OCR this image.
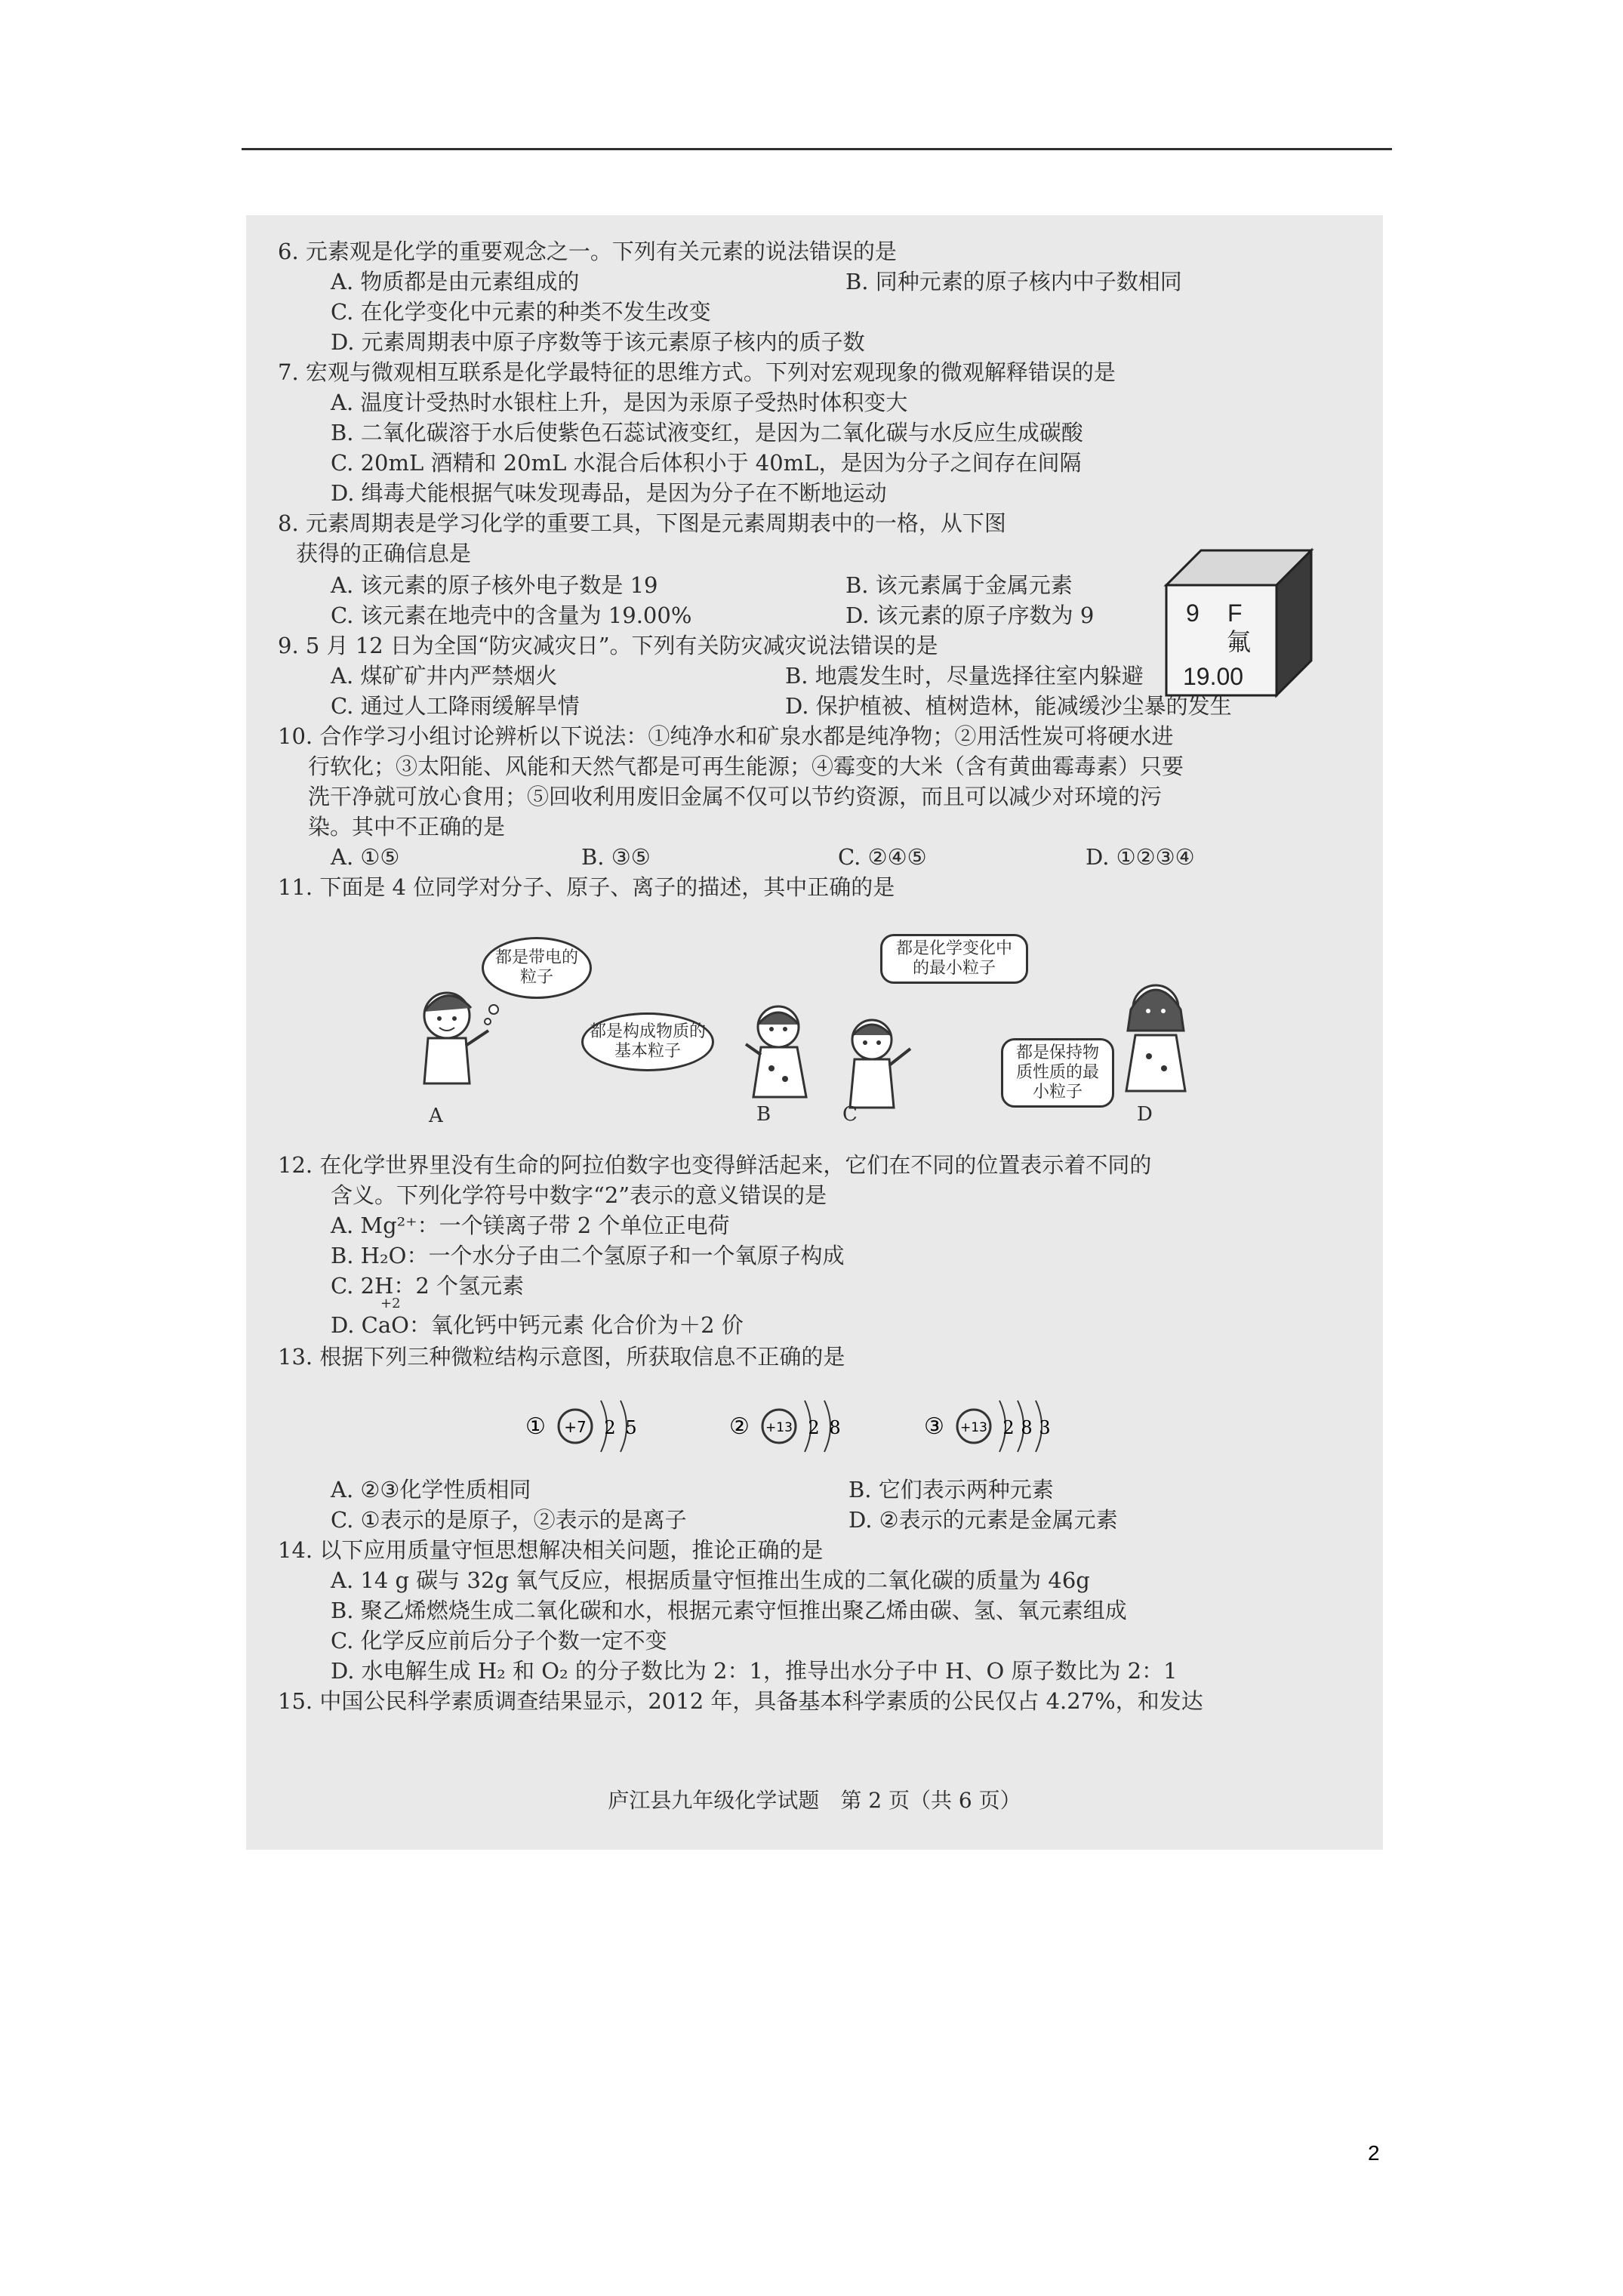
6. 元素观是化学的重要观念之一。下列有关元素的说法错误的是
A. 物质都是由元素组成的	B. 同种元素的原子核内中子数相同
C. 在化学变化中元素的种类不发生改变
D. 元素周期表中原子序数等于该元素原子核内的质子数
7. 宏观与微观相互联系是化学最特征的思维方式。下列对宏观现象的微观解释错误的是
A. 温度计受热时水银柱上升，是因为汞原子受热时体积变大
B. 二氧化碳溶于水后使紫色石蕊试液变红，是因为二氧化碳与水反应生成碳酸
C. 20mL 酒精和 20mL 水混合后体积小于 40mL，是因为分子之间存在间隔
D. 缉毒犬能根据气味发现毒品，是因为分子在不断地运动
8. 元素周期表是学习化学的重要工具，下图是元素周期表中的一格，从下图
获得的正确信息是
A. 该元素的原子核外电子数是 19	B. 该元素属于金属元素
C. 该元素在地壳中的含量为 19.00%	D. 该元素的原子序数为 9	9 F
氟
19.00
9. 5 月 12 日为全国“防灾减灾日”。下列有关防灾减灾说法错误的是
A. 煤矿矿井内严禁烟火	B. 地震发生时，尽量选择往室内躲避
C. 通过人工降雨缓解旱情	D. 保护植被、植树造林，能减缓沙尘暴的发生
10. 合作学习小组讨论辨析以下说法：①纯净水和矿泉水都是纯净物；②用活性炭可将硬水进
行软化；③太阳能、风能和天然气都是可再生能源；④霉变的大米（含有黄曲霉毒素）只要
洗干净就可放心食用；⑤回收利用废旧金属不仅可以节约资源，而且可以减少对环境的污
染。其中不正确的是
A. ①⑤	B. ③⑤	C. ②④⑤	D. ①②③④
11. 下面是 4 位同学对分子、原子、离子的描述，其中正确的是
都是带电的粒子
都是构成物质的基本粒子
都是化学变化中的最小粒子
都是保持物质性质的最小粒子
A	B	C	D
12. 在化学世界里没有生命的阿拉伯数字也变得鲜活起来，它们在不同的位置表示着不同的
含义。下列化学符号中数字“2”表示的意义错误的是
A. Mg²⁺：一个镁离子带 2 个单位正电荷
B. H₂O：一个水分子由二个氢原子和一个氧原子构成
C. 2H：2 个氢元素
+2
D. CaO：氧化钙中钙元素 化合价为＋2 价
13. 根据下列三种微粒结构示意图，所获取信息不正确的是
① +7 2 5	② +13 2 8	③ +13 2 8 3
A. ②③化学性质相同	B. 它们表示两种元素
C. ①表示的是原子，②表示的是离子	D. ②表示的元素是金属元素
14. 以下应用质量守恒思想解决相关问题，推论正确的是
A. 14 g 碳与 32g 氧气反应，根据质量守恒推出生成的二氧化碳的质量为 46g
B. 聚乙烯燃烧生成二氧化碳和水，根据元素守恒推出聚乙烯由碳、氢、氧元素组成
C. 化学反应前后分子个数一定不变
D. 水电解生成 H₂ 和 O₂ 的分子数比为 2：1，推导出水分子中 H、O 原子数比为 2：1
15. 中国公民科学素质调查结果显示，2012 年，具备基本科学素质的公民仅占 4.27%，和发达
庐江县九年级化学试题　第 2 页（共 6 页）
2
